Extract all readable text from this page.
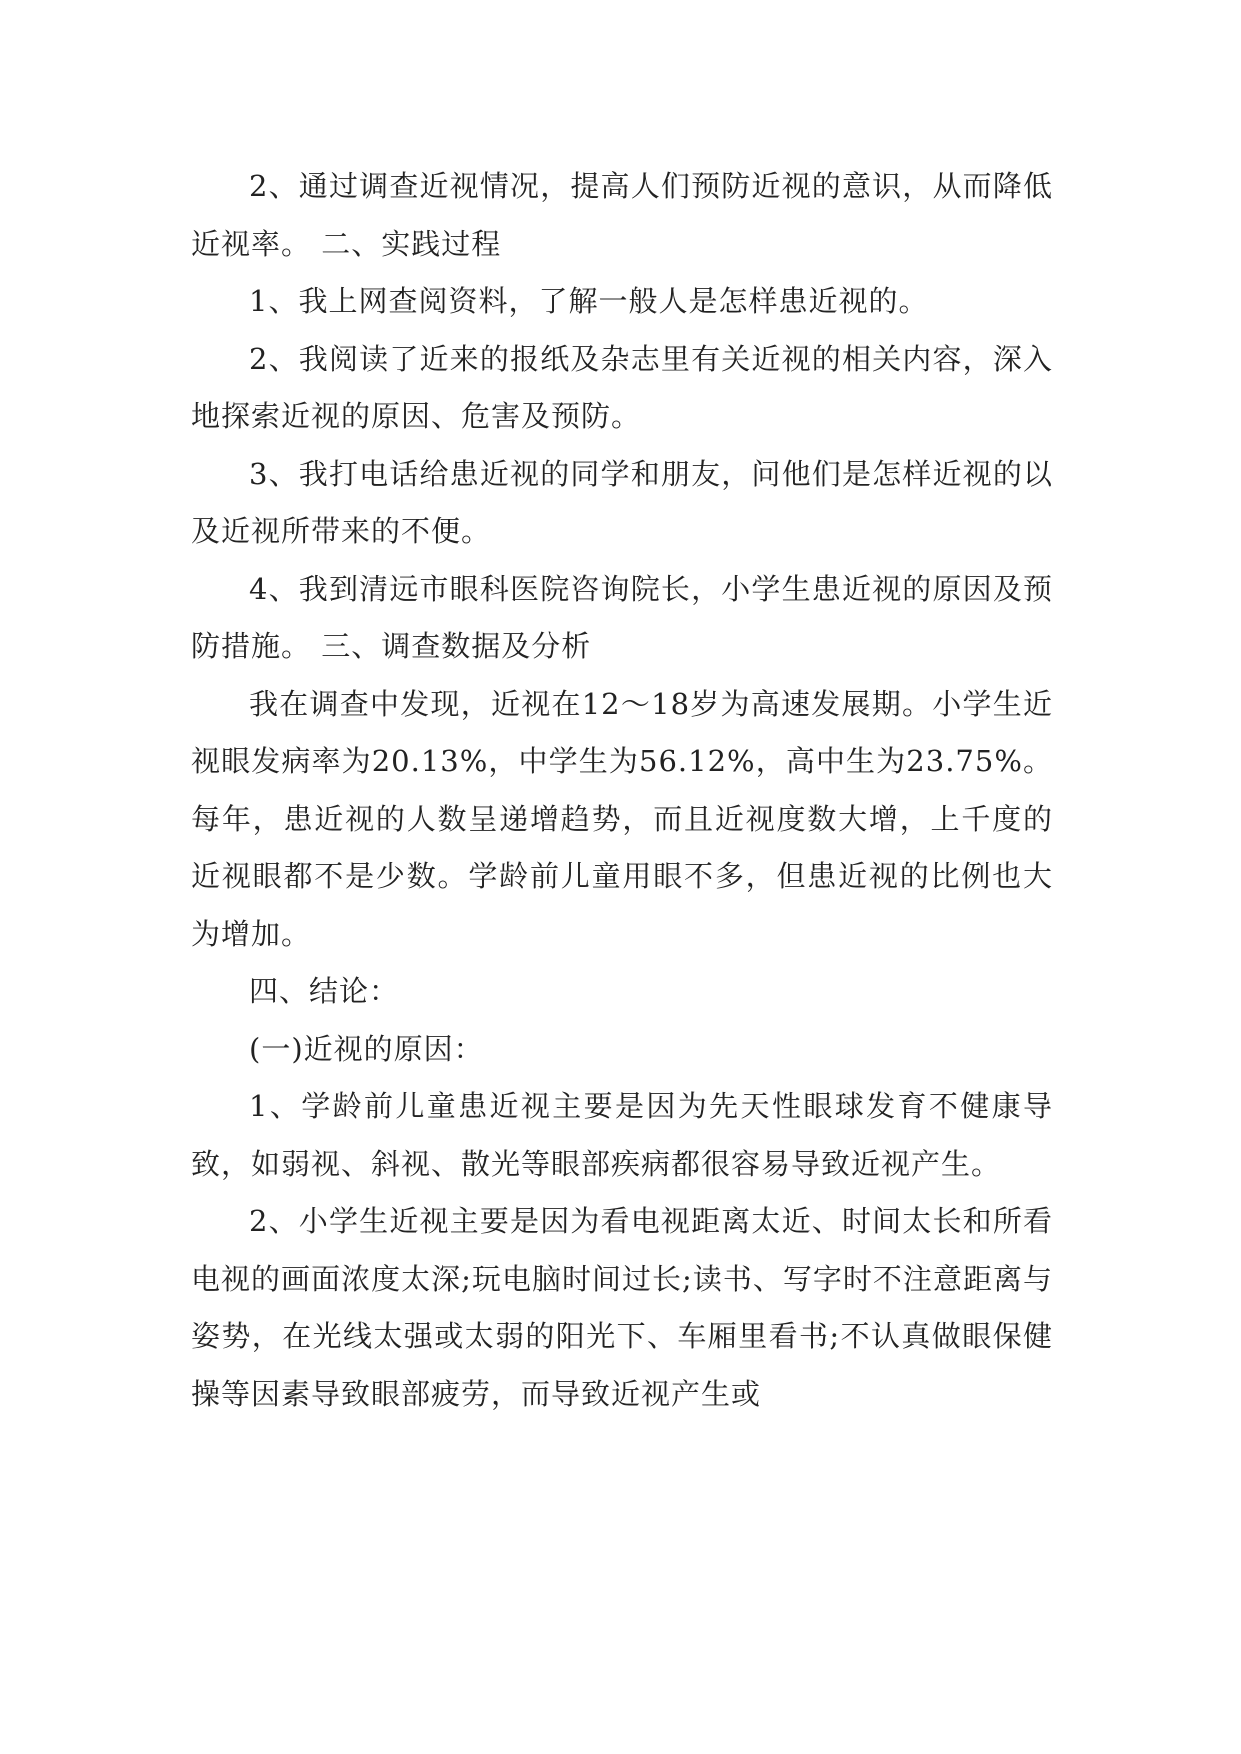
2、通过调查近视情况，提高人们预防近视的意识，从而降低近视率。 二、实践过程

1、我上网查阅资料，了解一般人是怎样患近视的。

2、我阅读了近来的报纸及杂志里有关近视的相关内容，深入地探索近视的原因、危害及预防。

3、我打电话给患近视的同学和朋友，问他们是怎样近视的以及近视所带来的不便。

4、我到清远市眼科医院咨询院长，小学生患近视的原因及预防措施。 三、调查数据及分析

我在调查中发现，近视在12～18岁为高速发展期。小学生近视眼发病率为20.13%，中学生为56.12%，高中生为23.75%。每年，患近视的人数呈递增趋势，而且近视度数大增，上千度的近视眼都不是少数。学龄前儿童用眼不多，但患近视的比例也大为增加。

四、结论：

(一)近视的原因：

1、学龄前儿童患近视主要是因为先天性眼球发育不健康导致，如弱视、斜视、散光等眼部疾病都很容易导致近视产生。

2、小学生近视主要是因为看电视距离太近、时间太长和所看电视的画面浓度太深;玩电脑时间过长;读书、写字时不注意距离与姿势，在光线太强或太弱的阳光下、车厢里看书;不认真做眼保健操等因素导致眼部疲劳，而导致近视产生或
